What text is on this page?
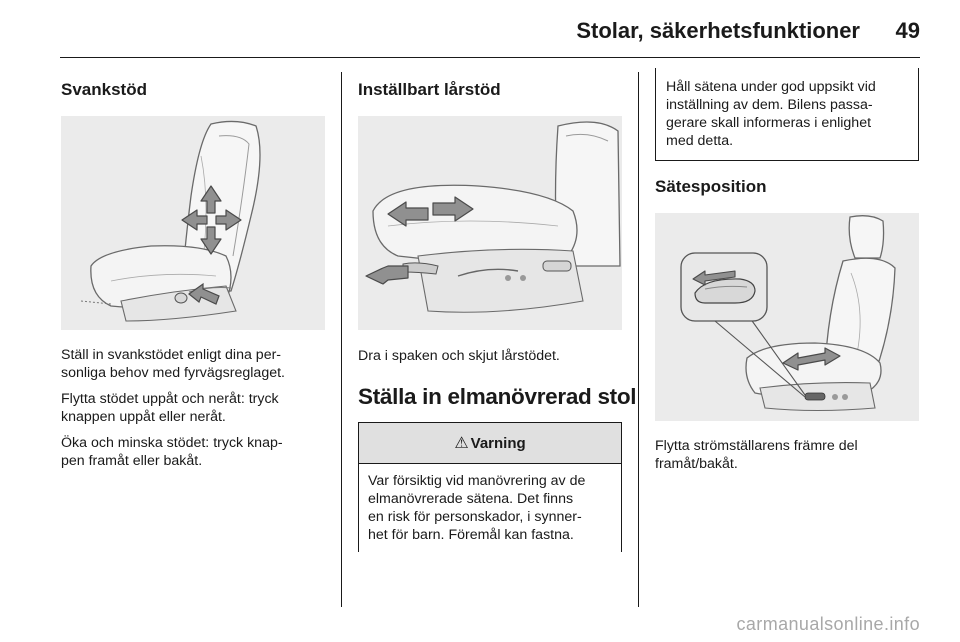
Stolar, säkerhetsfunktioner 49
Svankstöd

Ställ in svankstödet enligt dina per-
sonliga behov med fyrvägsreglaget.

Flytta stödet uppåt och neråt: tryck
knappen uppåt eller neråt.

Öka och minska stödet: tryck knap-
pen framåt eller bakåt.

Inställbart lårstöd

Dra i spaken och skjut lårstödet.

Ställa in elmanövrerad stol
⚠ Varning

Var försiktig vid manövrering av de
elmanövrerade sätena. Det finns
en risk för personskador, i synner-
het för barn. Föremål kan fastna.

Håll sätena under god uppsikt vid
inställning av dem. Bilens passa-
gerare skall informeras i enlighet
med detta.

Sätesposition

Flytta strömställarens främre del
framåt/bakåt.

carmanualsonline.info
